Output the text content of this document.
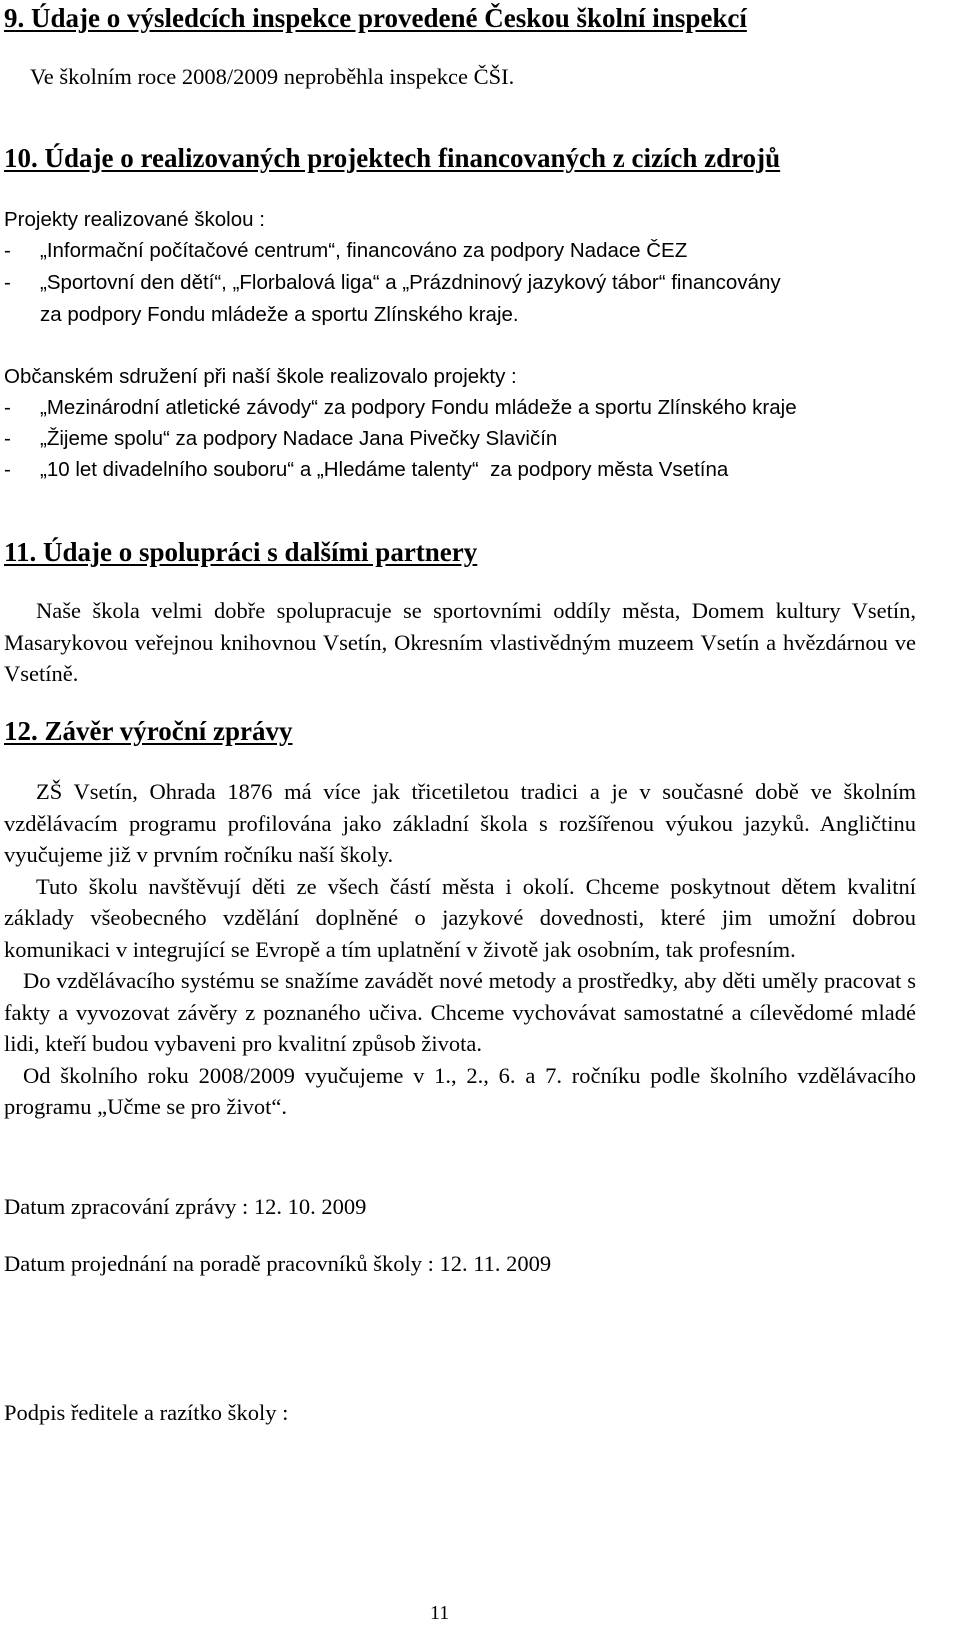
9. Údaje o výsledcích inspekce provedené Českou školní inspekcí
Ve školním roce 2008/2009 neproběhla inspekce ČŠI.
10. Údaje o realizovaných projektech financovaných z cizích zdrojů
Projekty realizované školou :
- „Informační počítačové centrum“, financováno za podpory Nadace ČEZ
- „Sportovní den dětí“, „Florbalová liga“ a „Prázdninový jazykový tábor“ financovány
za podpory Fondu mládeže a sportu Zlínského kraje.
Občanském sdružení při naší škole realizovalo projekty :
- „Mezinárodní atletické závody“ za podpory Fondu mládeže a sportu Zlínského kraje
- „Žijeme spolu“ za podpory Nadace Jana Pivečky Slavičín
- „10 let divadelního souboru“ a „Hledáme talenty“  za podpory města Vsetína
11. Údaje o spolupráci s dalšími partnery

Naše škola velmi dobře spolupracuje se sportovními oddíly města, Domem kultury Vsetín, Masarykovou veřejnou knihovnou Vsetín, Okresním vlastivědným muzeem Vsetín a hvězdárnou ve Vsetíně.

12. Závěr výroční zprávy

ZŠ Vsetín, Ohrada 1876 má více jak třicetiletou tradici a je v současné době ve školním vzdělávacím programu profilována jako základní škola s rozšířenou výukou jazyků. Angličtinu vyučujeme již v prvním ročníku naší školy.

Tuto školu navštěvují děti ze všech částí města i okolí. Chceme poskytnout dětem kvalitní základy všeobecného vzdělání doplněné o jazykové dovednosti, které jim umožní dobrou komunikaci v integrující se Evropě a tím uplatnění v životě jak osobním, tak profesním.

Do vzdělávacího systému se snažíme zavádět nové metody a prostředky, aby děti uměly pracovat s fakty a vyvozovat závěry z poznaného učiva. Chceme vychovávat samostatné a cílevědomé mladé lidi, kteří budou vybaveni pro kvalitní způsob života.

Od školního roku 2008/2009 vyučujeme v 1., 2., 6. a 7. ročníku podle školního vzdělávacího programu „Učme se pro život“.

Datum zpracování zprávy : 12. 10. 2009
Datum projednání na poradě pracovníků školy : 12. 11. 2009
Podpis ředitele a razítko školy :
11
